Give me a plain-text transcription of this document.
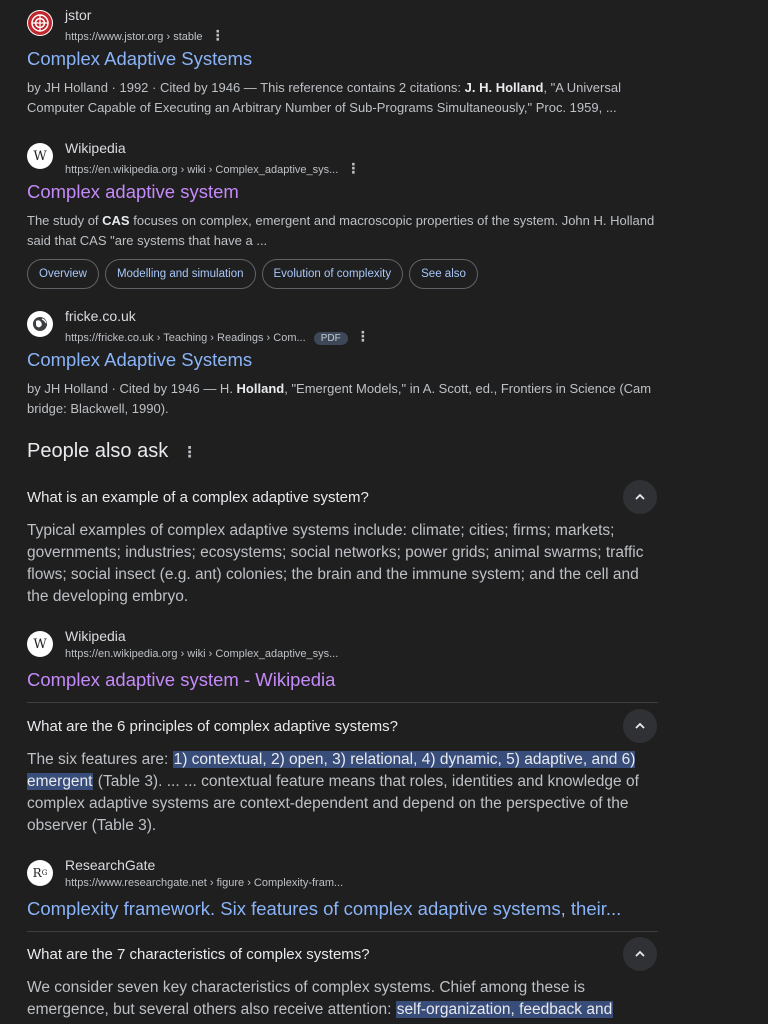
jstor
https://www.jstor.org › stable ⋮
Complex Adaptive Systems
by JH Holland · 1992 · Cited by 1946 — This reference contains 2 citations: J. H. Holland, "A Universal Computer Capable of Executing an Arbitrary Number of Sub-Programs Simultaneously," Proc. 1959, ...
W Wikipedia
https://en.wikipedia.org › wiki › Complex_adaptive_sys... ⋮
Complex adaptive system
The study of CAS focuses on complex, emergent and macroscopic properties of the system. John H. Holland said that CAS "are systems that have a ...
Overview	Modelling and simulation	Evolution of complexity	See also
fricke.co.uk
https://fricke.co.uk › Teaching › Readings › Com... PDF ⋮
Complex Adaptive Systems
by JH Holland · Cited by 1946 — H. Holland, "Emergent Models," in A. Scott, ed., Frontiers in Science (Cam bridge: Blackwell, 1990).
People also ask ⋮
What is an example of a complex adaptive system?
Typical examples of complex adaptive systems include: climate; cities; firms; markets; governments; industries; ecosystems; social networks; power grids; animal swarms; traffic flows; social insect (e.g. ant) colonies; the brain and the immune system; and the cell and the developing embryo.
W Wikipedia
https://en.wikipedia.org › wiki › Complex_adaptive_sys...
Complex adaptive system - Wikipedia
What are the 6 principles of complex adaptive systems?
The six features are: 1) contextual, 2) open, 3) relational, 4) dynamic, 5) adaptive, and 6) emergent (Table 3). ... ... contextual feature means that roles, identities and knowledge of complex adaptive systems are context-dependent and depend on the perspective of the observer (Table 3).
R G ResearchGate
https://www.researchgate.net › figure › Complexity-fram...
Complexity framework. Six features of complex adaptive systems, their...
What are the 7 characteristics of complex systems?
We consider seven key characteristics of complex systems. Chief among these is emergence, but several others also receive attention: self-organization, feedback and
